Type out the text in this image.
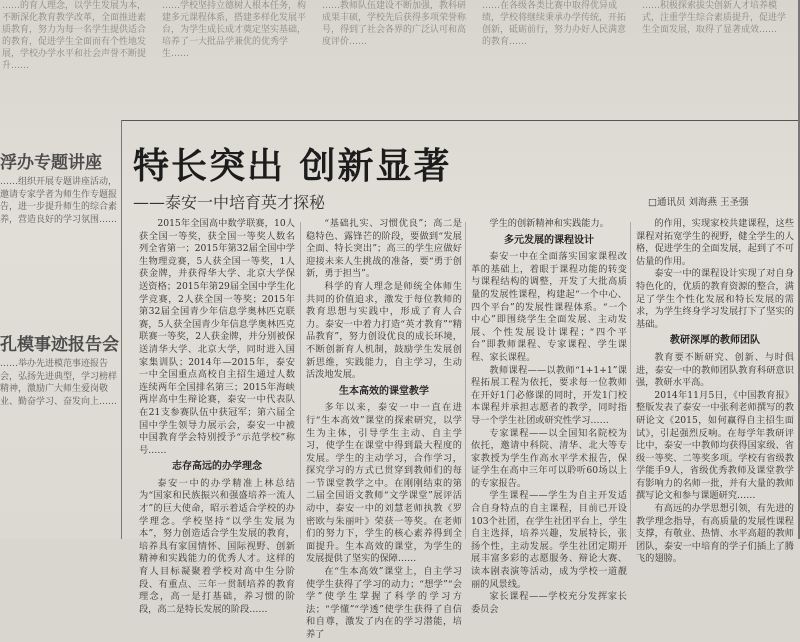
……的育人理念，以学生发展为本，不断深化教育教学改革，全面推进素质教育，努力为每一名学生提供适合的教育，促进学生全面而有个性地发展，学校办学水平和社会声誉不断提升……
……学校坚持立德树人根本任务，构建多元课程体系，搭建多样化发展平台，为学生成长成才奠定坚实基础，培养了一大批品学兼优的优秀学生……
……教师队伍建设不断加强，教科研成果丰硕，学校先后获得多项荣誉称号，得到了社会各界的广泛认可和高度评价……
……在各级各类比赛中取得优异成绩，学校将继续秉承办学传统，开拓创新，砥砺前行，努力办好人民满意的教育……
……积极探索拔尖创新人才培养模式，注重学生综合素质提升，促进学生全面发展，取得了显著成效……
浮办专题讲座
……组织开展专题讲座活动，邀请专家学者为师生作专题报告，进一步提升师生的综合素养，营造良好的学习氛围……
孔模事迹报告会
……举办先进模范事迹报告会，弘扬先进典型，学习榜样精神，激励广大师生爱岗敬业、勤奋学习、奋发向上……
特长突出 创新显著
——泰安一中培育英才探秘	□通讯员 刘海燕 王圣强

2015年全国高中数学联赛，10人获全国一等奖，获全国一等奖人数名列全省第一；2015年第32届全国中学生物理竞赛，5人获全国一等奖，1人获金牌，并获得华大学、北京大学保送资格；2015年第29届全国中学生化学竞赛，2人获全国一等奖；2015年第32届全国青少年信息学奥林匹克联赛，5人获全国青少年信息学奥林匹克联赛一等奖，2人获金牌，并分别被保送清华大学、北京大学，同时进入国家集训队；2014年—2015年，泰安一中全国重点高校自主招生通过人数连续两年全国排名第三；2015年海峡两岸高中生辩论赛，泰安一中代表队在21支参赛队伍中获冠军；第六届全国中学生领导力展示会，泰安一中被中国教育学会特别授予“示范学校”称号……

志存高远的办学理念

泰安一中的办学精准上林总结为“国家和民族振兴和强盛培养一流人才”的巨大使命，昭示着适合学校的办学理念。学校坚持“以学生发展为本”，努力创造适合学生发展的教育，培养具有家国情怀、国际视野、创新精神和实践能力的优秀人才。这样的育人目标凝聚着学校对高中生分阶段、有重点、三年一贯制培养的教育理念，高一是打基础，养习惯的阶段，高二是特长发展的阶段……

“基础扎实、习惯优良”；高二是稳特色、露锋芒的阶段，要做到“发展全面、特长突出”；高三的学生应做好迎接未来人生挑战的准备，要“勇于创新，勇于担当”。

科学的育人理念是师统全体师生共同的价值追求，激发于每位教师的教育思想与实践中，形成了育人合力。泰安一中着力打造“英才教育”“精品教育”，努力创设优良的成长环境，不断创新育人机制，鼓励学生发展创新思维，实践能力，自主学习，生动活泼地发展。

生本高效的课堂教学

多年以来，泰安一中一直在进行“生本高效”课堂的探索研究，以学生为主体，引导学生主动、自主学习，使学生在课堂中得到最大程度的发展。学生的主动学习，合作学习，探究学习的方式已贯穿到教师们的每一节课堂教学之中。在刚刚结束的第二届全国语文教师“文学课堂”展评活动中，泰安一中的刘慧老师执教《罗密欧与朱丽叶》荣获一等奖。在老师们的努力下，学生的核心素养得到全面提升。生本高效的课堂，为学生的发展提供了坚实的保障……

在“生本高效”课堂上，自主学习使学生获得了学习的动力；“想学”“会学”使学生掌握了科学的学习方法；“学懂”“学透”使学生获得了自信和自尊，激发了内在的学习潜能，培养了

学生的创新精神和实践能力。

多元发展的课程设计

泰安一中在全面落实国家课程改革的基础上，着眼于课程功能的转变与课程结构的调整，开发了大批高质量的发展性课程，构建起“一个中心、四个平台”的发展性课程体系。“一个中心”即围绕学生全面发展、主动发展、个性发展设计课程；“四个平台”即教师课程、专家课程、学生课程、家长课程。

教师课程——以教师“1+1+1”课程拓展工程为依托，要求每一位教师在开好1门必修课的同时，开发1门校本课程并承担志愿者的教学，同时指导一个学生社团或研究性学习……

专家课程——以全国知名院校为依托，邀请中科院、清华、北大等专家教授为学生作高水平学术报告，保证学生在高中三年可以聆听60场以上的专家报告。

学生课程——学生为自主开发适合自身特点的自主课程，目前已开设103个社团，在学生社团平台上，学生自主选择，培养兴趣，发展特长，张扬个性，主动发展。学生社团定期开展丰富多彩的志愿服务、辩论大赛、读本剧表演等活动，成为学校一道靓丽的风景线。

家长课程——学校充分发挥家长委员会

的作用，实现家校共建课程，这些课程对拓宽学生的视野，健全学生的人格，促进学生的全面发展，起到了不可估量的作用。

泰安一中的课程设计实现了对自身特色化的，优质的教育资源的整合，满足了学生个性化发展和特长发展的需求，为学生终身学习发展打下了坚实的基础。

教研深厚的教师团队

教育要不断研究、创新、与时俱进，泰安一中的教师团队教育科研意识强，教研水平高。

2014年11月5日，《中国教育报》整版发表了泰安一中张利老师撰写的教研论文《2015，如何赢得自主招生面试》，引起强烈反响。在每学年教研评比中，泰安一中教师均获得国家级、省级一等奖、二等奖多项。学校有省级教学能手9人，省级优秀教师及课堂教学有影响力的名师一批，并有大量的教师撰写论文和参与课题研究……

有高远的办学思想引领，有先进的教学理念指导，有高质量的发展性课程支撑，有敬业、热情、水平高超的教师团队，泰安一中培育的学子们插上了腾飞的翅膀。
